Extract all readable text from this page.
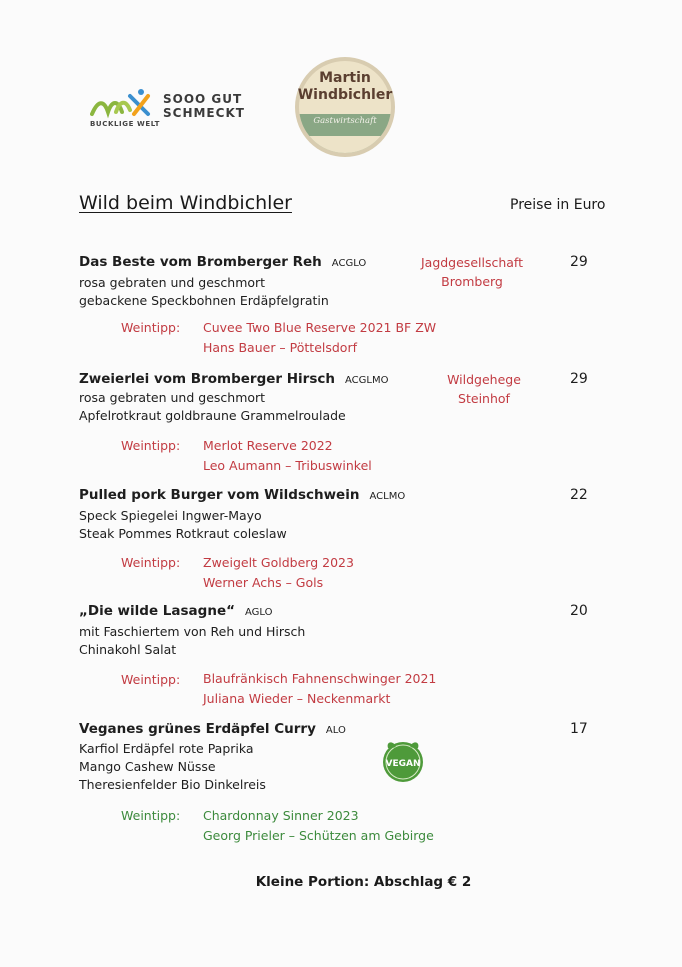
SOOO GUT
SCHMECKT
BUCKLIGE WELT
Martin
Windbichler
Gastwirtschaft
Wild beim Windbichler	Preise in Euro
Das Beste vom Bromberger Reh ACGLO
rosa gebraten und geschmort
gebackene Speckbohnen Erdäpfelgratin
Jagdgesellschaft
Bromberg
29
Weintipp: Cuvee Two Blue Reserve 2021 BF ZW
Hans Bauer – Pöttelsdorf
Zweierlei vom Bromberger Hirsch ACGLMO
rosa gebraten und geschmort
Apfelrotkraut goldbraune Grammelroulade
Wildgehege
Steinhof
29
Weintipp: Merlot Reserve 2022
Leo Aumann – Tribuswinkel
Pulled pork Burger vom Wildschwein ACLMO
Speck Spiegelei Ingwer-Mayo
Steak Pommes Rotkraut coleslaw
22
Weintipp: Zweigelt Goldberg 2023
Werner Achs – Gols
„Die wilde Lasagne“ AGLO
mit Faschiertem von Reh und Hirsch
Chinakohl Salat
20
Weintipp: Blaufränkisch Fahnenschwinger 2021
Juliana Wieder – Neckenmarkt
Veganes grünes Erdäpfel Curry ALO
Karfiol Erdäpfel rote Paprika
Mango Cashew Nüsse
Theresienfelder Bio Dinkelreis
17
Weintipp: Chardonnay Sinner 2023
Georg Prieler – Schützen am Gebirge
VEGAN
Kleine Portion: Abschlag € 2
